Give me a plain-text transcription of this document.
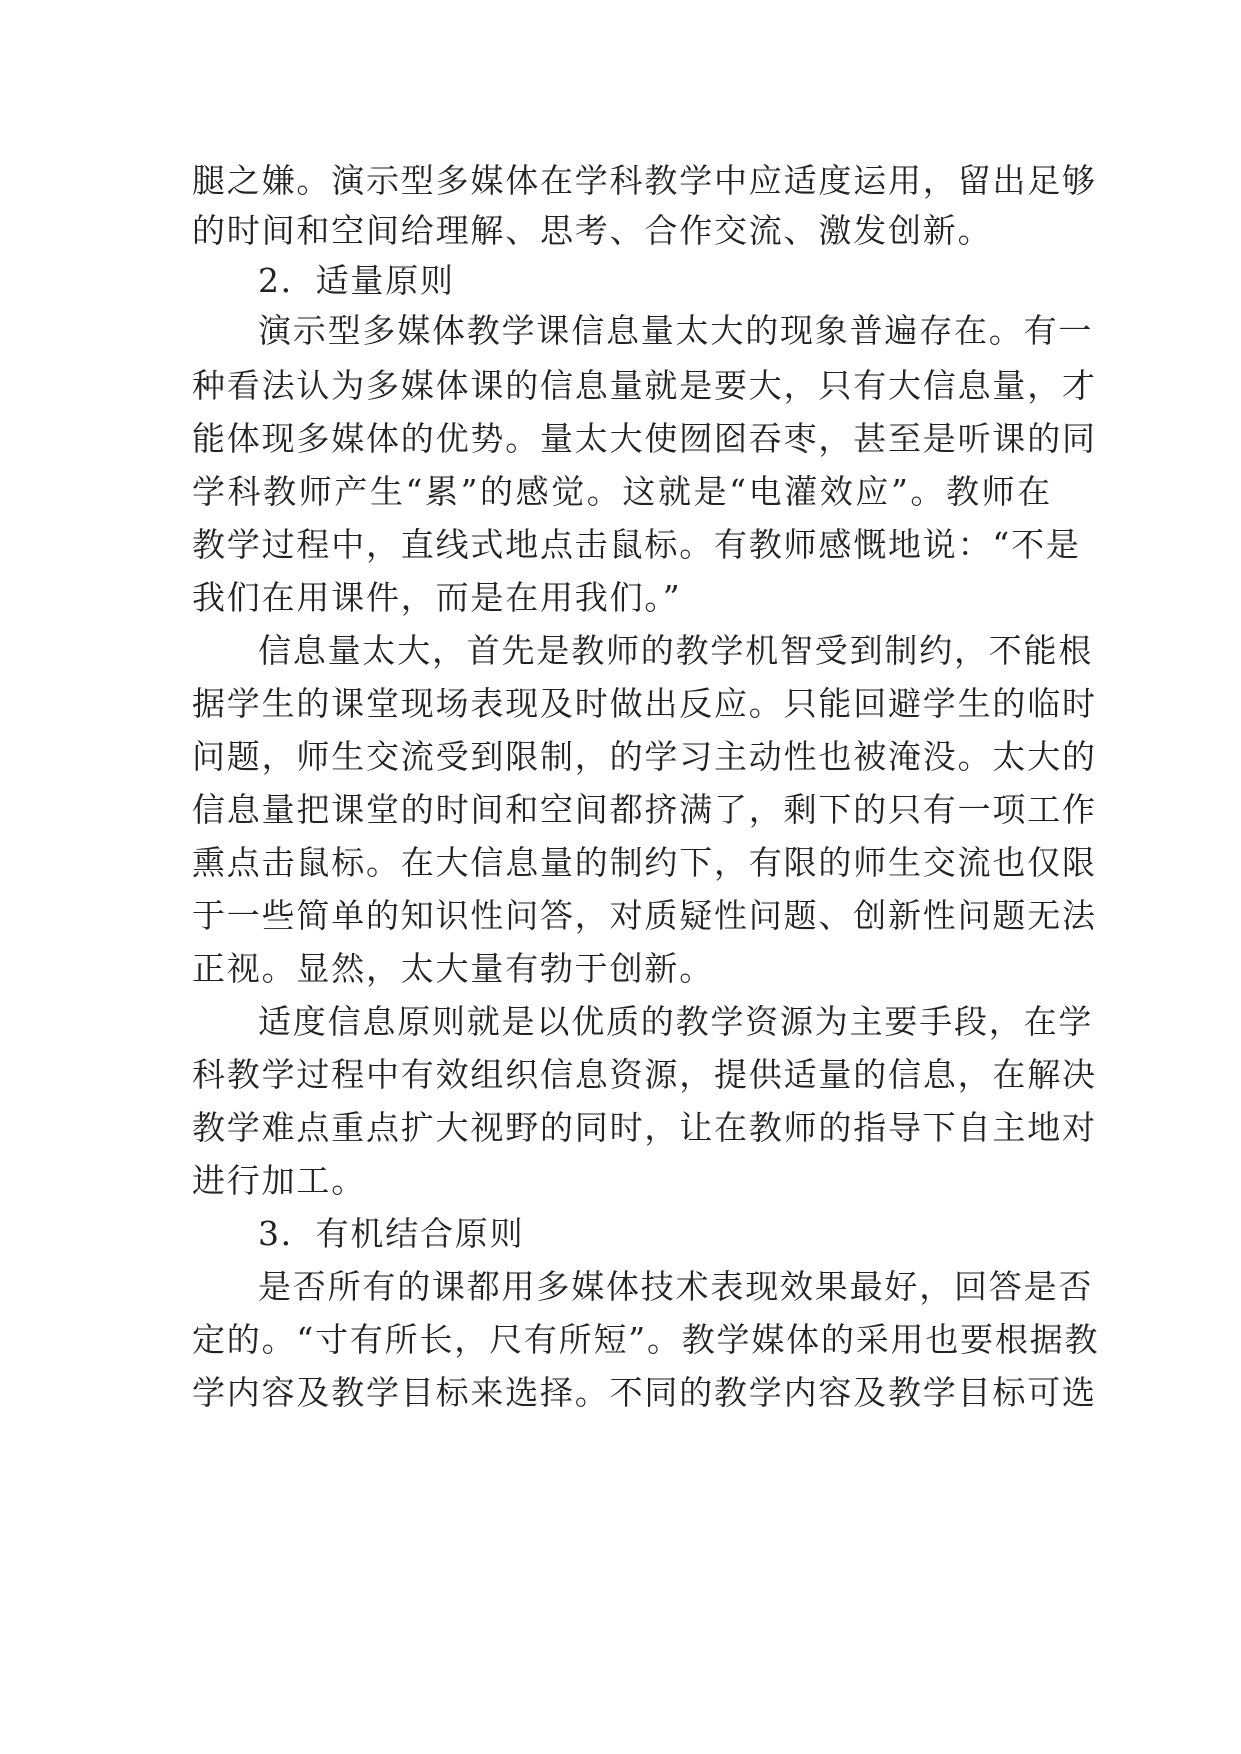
腿之嫌。演示型多媒体在学科教学中应适度运用，留出足够
的时间和空间给理解、思考、合作交流、激发创新。
2．适量原则
演示型多媒体教学课信息量太大的现象普遍存在。有一
种看法认为多媒体课的信息量就是要大，只有大信息量，才
能体现多媒体的优势。量太大使囫囵吞枣，甚至是听课的同
学科教师产生“累”的感觉。这就是“电灌效应”。教师在
教学过程中，直线式地点击鼠标。有教师感慨地说：“不是
我们在用课件，而是在用我们。”
信息量太大，首先是教师的教学机智受到制约，不能根
据学生的课堂现场表现及时做出反应。只能回避学生的临时
问题，师生交流受到限制，的学习主动性也被淹没。太大的
信息量把课堂的时间和空间都挤满了，剩下的只有一项工作
熏点击鼠标。在大信息量的制约下，有限的师生交流也仅限
于一些简单的知识性问答，对质疑性问题、创新性问题无法
正视。显然，太大量有勃于创新。
适度信息原则就是以优质的教学资源为主要手段，在学
科教学过程中有效组织信息资源，提供适量的信息，在解决
教学难点重点扩大视野的同时，让在教师的指导下自主地对
进行加工。
3．有机结合原则
是否所有的课都用多媒体技术表现效果最好，回答是否
定的。“寸有所长，尺有所短”。教学媒体的采用也要根据教
学内容及教学目标来选择。不同的教学内容及教学目标可选
